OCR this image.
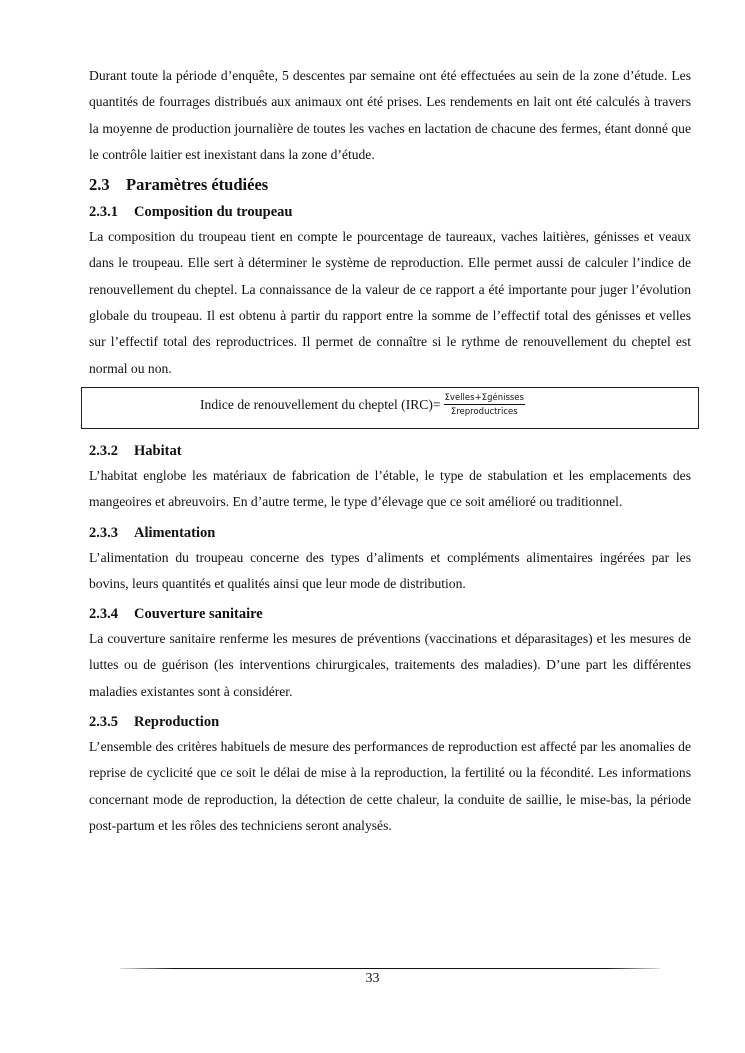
Durant toute la période d’enquête, 5 descentes par semaine ont été effectuées au sein de la zone d’étude. Les quantités de fourrages distribués aux animaux ont été prises. Les rendements en lait ont été calculés à travers la moyenne de production journalière de toutes les vaches en lactation de chacune des fermes, étant donné que le contrôle laitier est inexistant dans la zone d’étude.

2.3 Paramètres étudiées
2.3.1 Composition du troupeau

La composition du troupeau tient en compte le pourcentage de taureaux, vaches laitières, génisses et veaux dans le troupeau. Elle sert à déterminer le système de reproduction. Elle permet aussi de calculer l’indice de renouvellement du cheptel. La connaissance de la valeur de ce rapport a été importante pour juger l’évolution globale du troupeau. Il est obtenu à partir du rapport entre la somme de l’effectif total des génisses et velles sur l’effectif total des reproductrices. Il permet de connaître si le rythme de renouvellement du cheptel est normal ou non.

Indice de renouvellement du cheptel $(IRC)= \frac{\text{Σvelles+Σgénisses}}{\text{Σreproductrices}}$
2.3.2 Habitat

L’habitat englobe les matériaux de fabrication de l’étable, le type de stabulation et les emplacements des mangeoires et abreuvoirs. En d’autre terme, le type d’élevage que ce soit amélioré ou traditionnel.

2.3.3 Alimentation

L’alimentation du troupeau concerne des types d’aliments et compléments alimentaires ingérées par les bovins, leurs quantités et qualités ainsi que leur mode de distribution.

2.3.4 Couverture sanitaire

La couverture sanitaire renferme les mesures de préventions (vaccinations et déparasitages) et les mesures de luttes ou de guérison (les interventions chirurgicales, traitements des maladies). D’une part les différentes maladies existantes sont à considérer.

2.3.5 Reproduction

L’ensemble des critères habituels de mesure des performances de reproduction est affecté par les anomalies de reprise de cyclicité que ce soit le délai de mise à la reproduction, la fertilité ou la fécondité. Les informations concernant mode de reproduction, la détection de cette chaleur, la conduite de saillie, le mise-bas, la période post-partum et les rôles des techniciens seront analysés.

33
